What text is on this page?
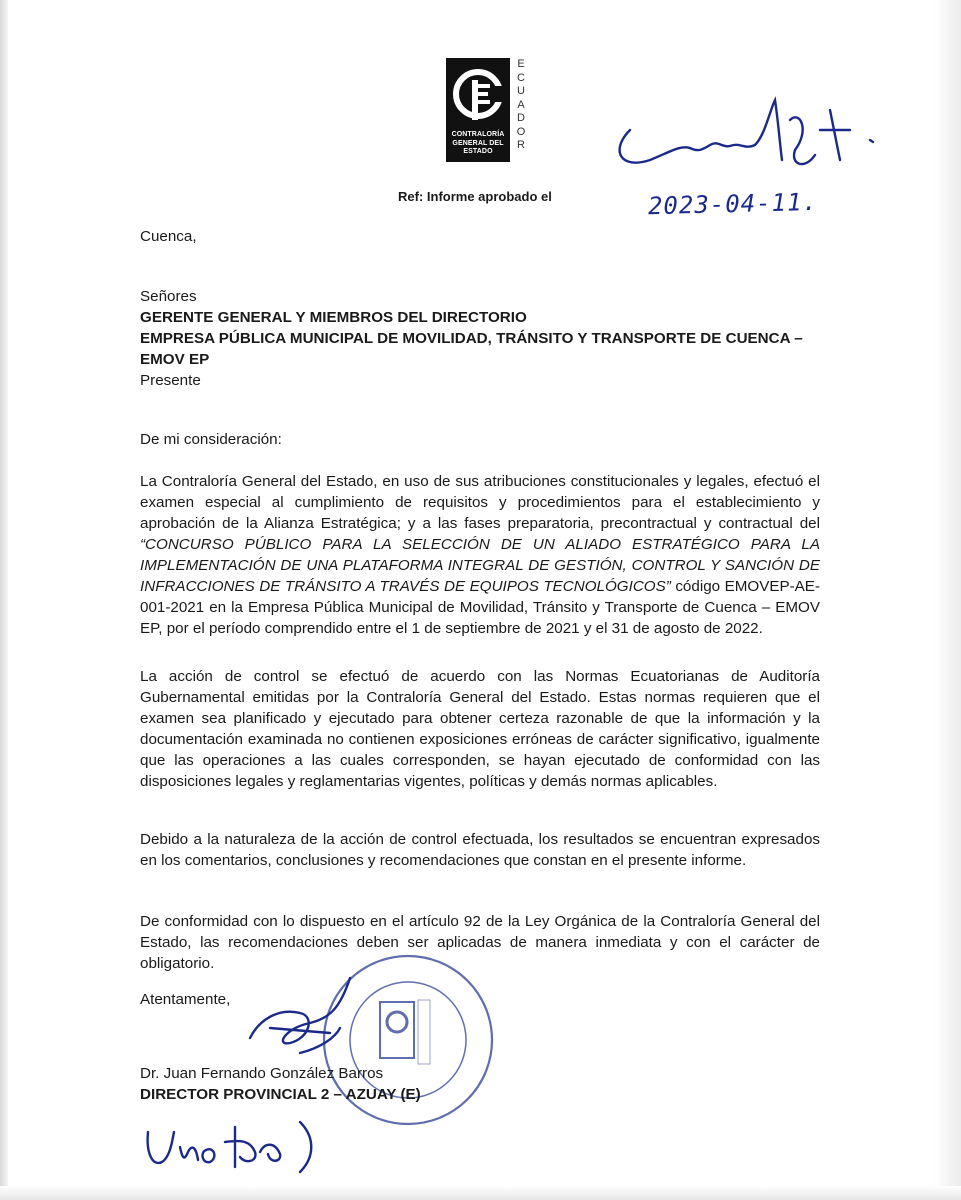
CONTRALORÍA GENERAL DEL ESTADO
ECUADOR
Ref: Informe aprobado el	2023-04-11.
Cuenca,
Señores
GERENTE GENERAL Y MIEMBROS DEL DIRECTORIO
EMPRESA PÚBLICA MUNICIPAL DE MOVILIDAD, TRÁNSITO Y TRANSPORTE DE CUENCA – EMOV EP
Presente
De mi consideración:
La Contraloría General del Estado, en uso de sus atribuciones constitucionales y legales, efectuó el examen especial al cumplimiento de requisitos y procedimientos para el establecimiento y aprobación de la Alianza Estratégica; y a las fases preparatoria, precontractual y contractual del “CONCURSO PÚBLICO PARA LA SELECCIÓN DE UN ALIADO ESTRATÉGICO PARA LA IMPLEMENTACIÓN DE UNA PLATAFORMA INTEGRAL DE GESTIÓN, CONTROL Y SANCIÓN DE INFRACCIONES DE TRÁNSITO A TRAVÉS DE EQUIPOS TECNOLÓGICOS” código EMOVEP-AE-001-2021 en la Empresa Pública Municipal de Movilidad, Tránsito y Transporte de Cuenca – EMOV EP, por el período comprendido entre el 1 de septiembre de 2021 y el 31 de agosto de 2022.
La acción de control se efectuó de acuerdo con las Normas Ecuatorianas de Auditoría Gubernamental emitidas por la Contraloría General del Estado. Estas normas requieren que el examen sea planificado y ejecutado para obtener certeza razonable de que la información y la documentación examinada no contienen exposiciones erróneas de carácter significativo, igualmente que las operaciones a las cuales corresponden, se hayan ejecutado de conformidad con las disposiciones legales y reglamentarias vigentes, políticas y demás normas aplicables.
Debido a la naturaleza de la acción de control efectuada, los resultados se encuentran expresados en los comentarios, conclusiones y recomendaciones que constan en el presente informe.
De conformidad con lo dispuesto en el artículo 92 de la Ley Orgánica de la Contraloría General del Estado, las recomendaciones deben ser aplicadas de manera inmediata y con el carácter de obligatorio.
Atentamente,
Dr. Juan Fernando González Barros
DIRECTOR PROVINCIAL 2 – AZUAY (E)
